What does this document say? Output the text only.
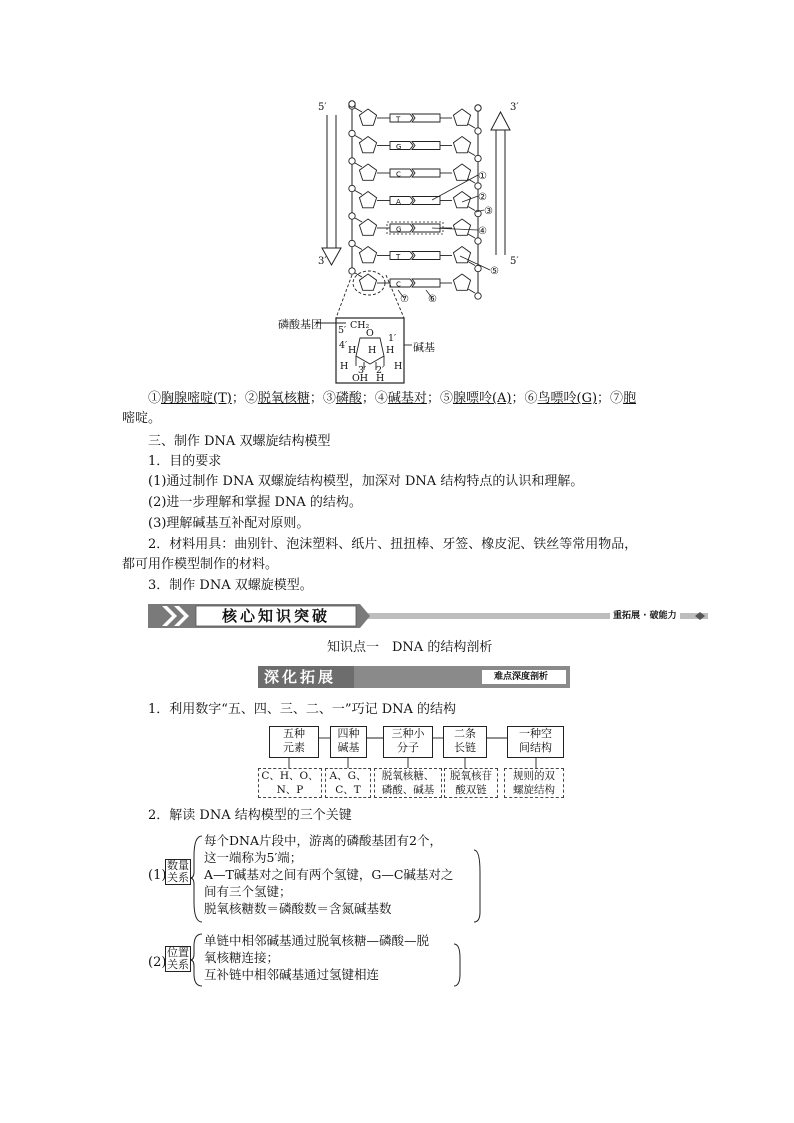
T
G
C
A
G
T
C
5′
3′
3′
5′
①
②
③
④
⑤
⑦ ⑥
5′ CH₂
O 1′
4′ H H H
H 3′ 2′ H
OH H
磷酸基团
碱基
①胸腺嘧啶(T)；②脱氧核糖；③磷酸；④碱基对；⑤腺嘌呤(A)；⑥鸟嘌呤(G)；⑦胞
嘧啶。
三、制作 DNA 双螺旋结构模型
1．目的要求
(1)通过制作 DNA 双螺旋结构模型，加深对 DNA 结构特点的认识和理解。
(2)进一步理解和掌握 DNA 的结构。
(3)理解碱基互补配对原则。
2．材料用具：曲别针、泡沫塑料、纸片、扭扭棒、牙签、橡皮泥、铁丝等常用物品，
都可用作模型制作的材料。
3．制作 DNA 双螺旋模型。
核心知识突破	重拓展 · 破能力
知识点一　DNA 的结构剖析
深化拓展	难点深度剖析
1．利用数字“五、四、三、二、一”巧记 DNA 的结构
五种
元素
四种
碱基
三种小
分子
二条
长链
一种空
间结构
C、H、O、
N、P
A、G、
C、T
脱氧核糖、
磷酸、碱基
脱氧核苷
酸双链
规则的双
螺旋结构
2．解读 DNA 结构模型的三个关键
(1)
数量
关系
每个DNA片段中，游离的磷酸基团有2个，
这一端称为5′端；
A—T碱基对之间有两个氢键，G—C碱基对之
间有三个氢键；
脱氧核糖数＝磷酸数＝含氮碱基数
(2)
位置
关系
单链中相邻碱基通过脱氧核糖—磷酸—脱
氧核糖连接；
互补链中相邻碱基通过氢键相连
